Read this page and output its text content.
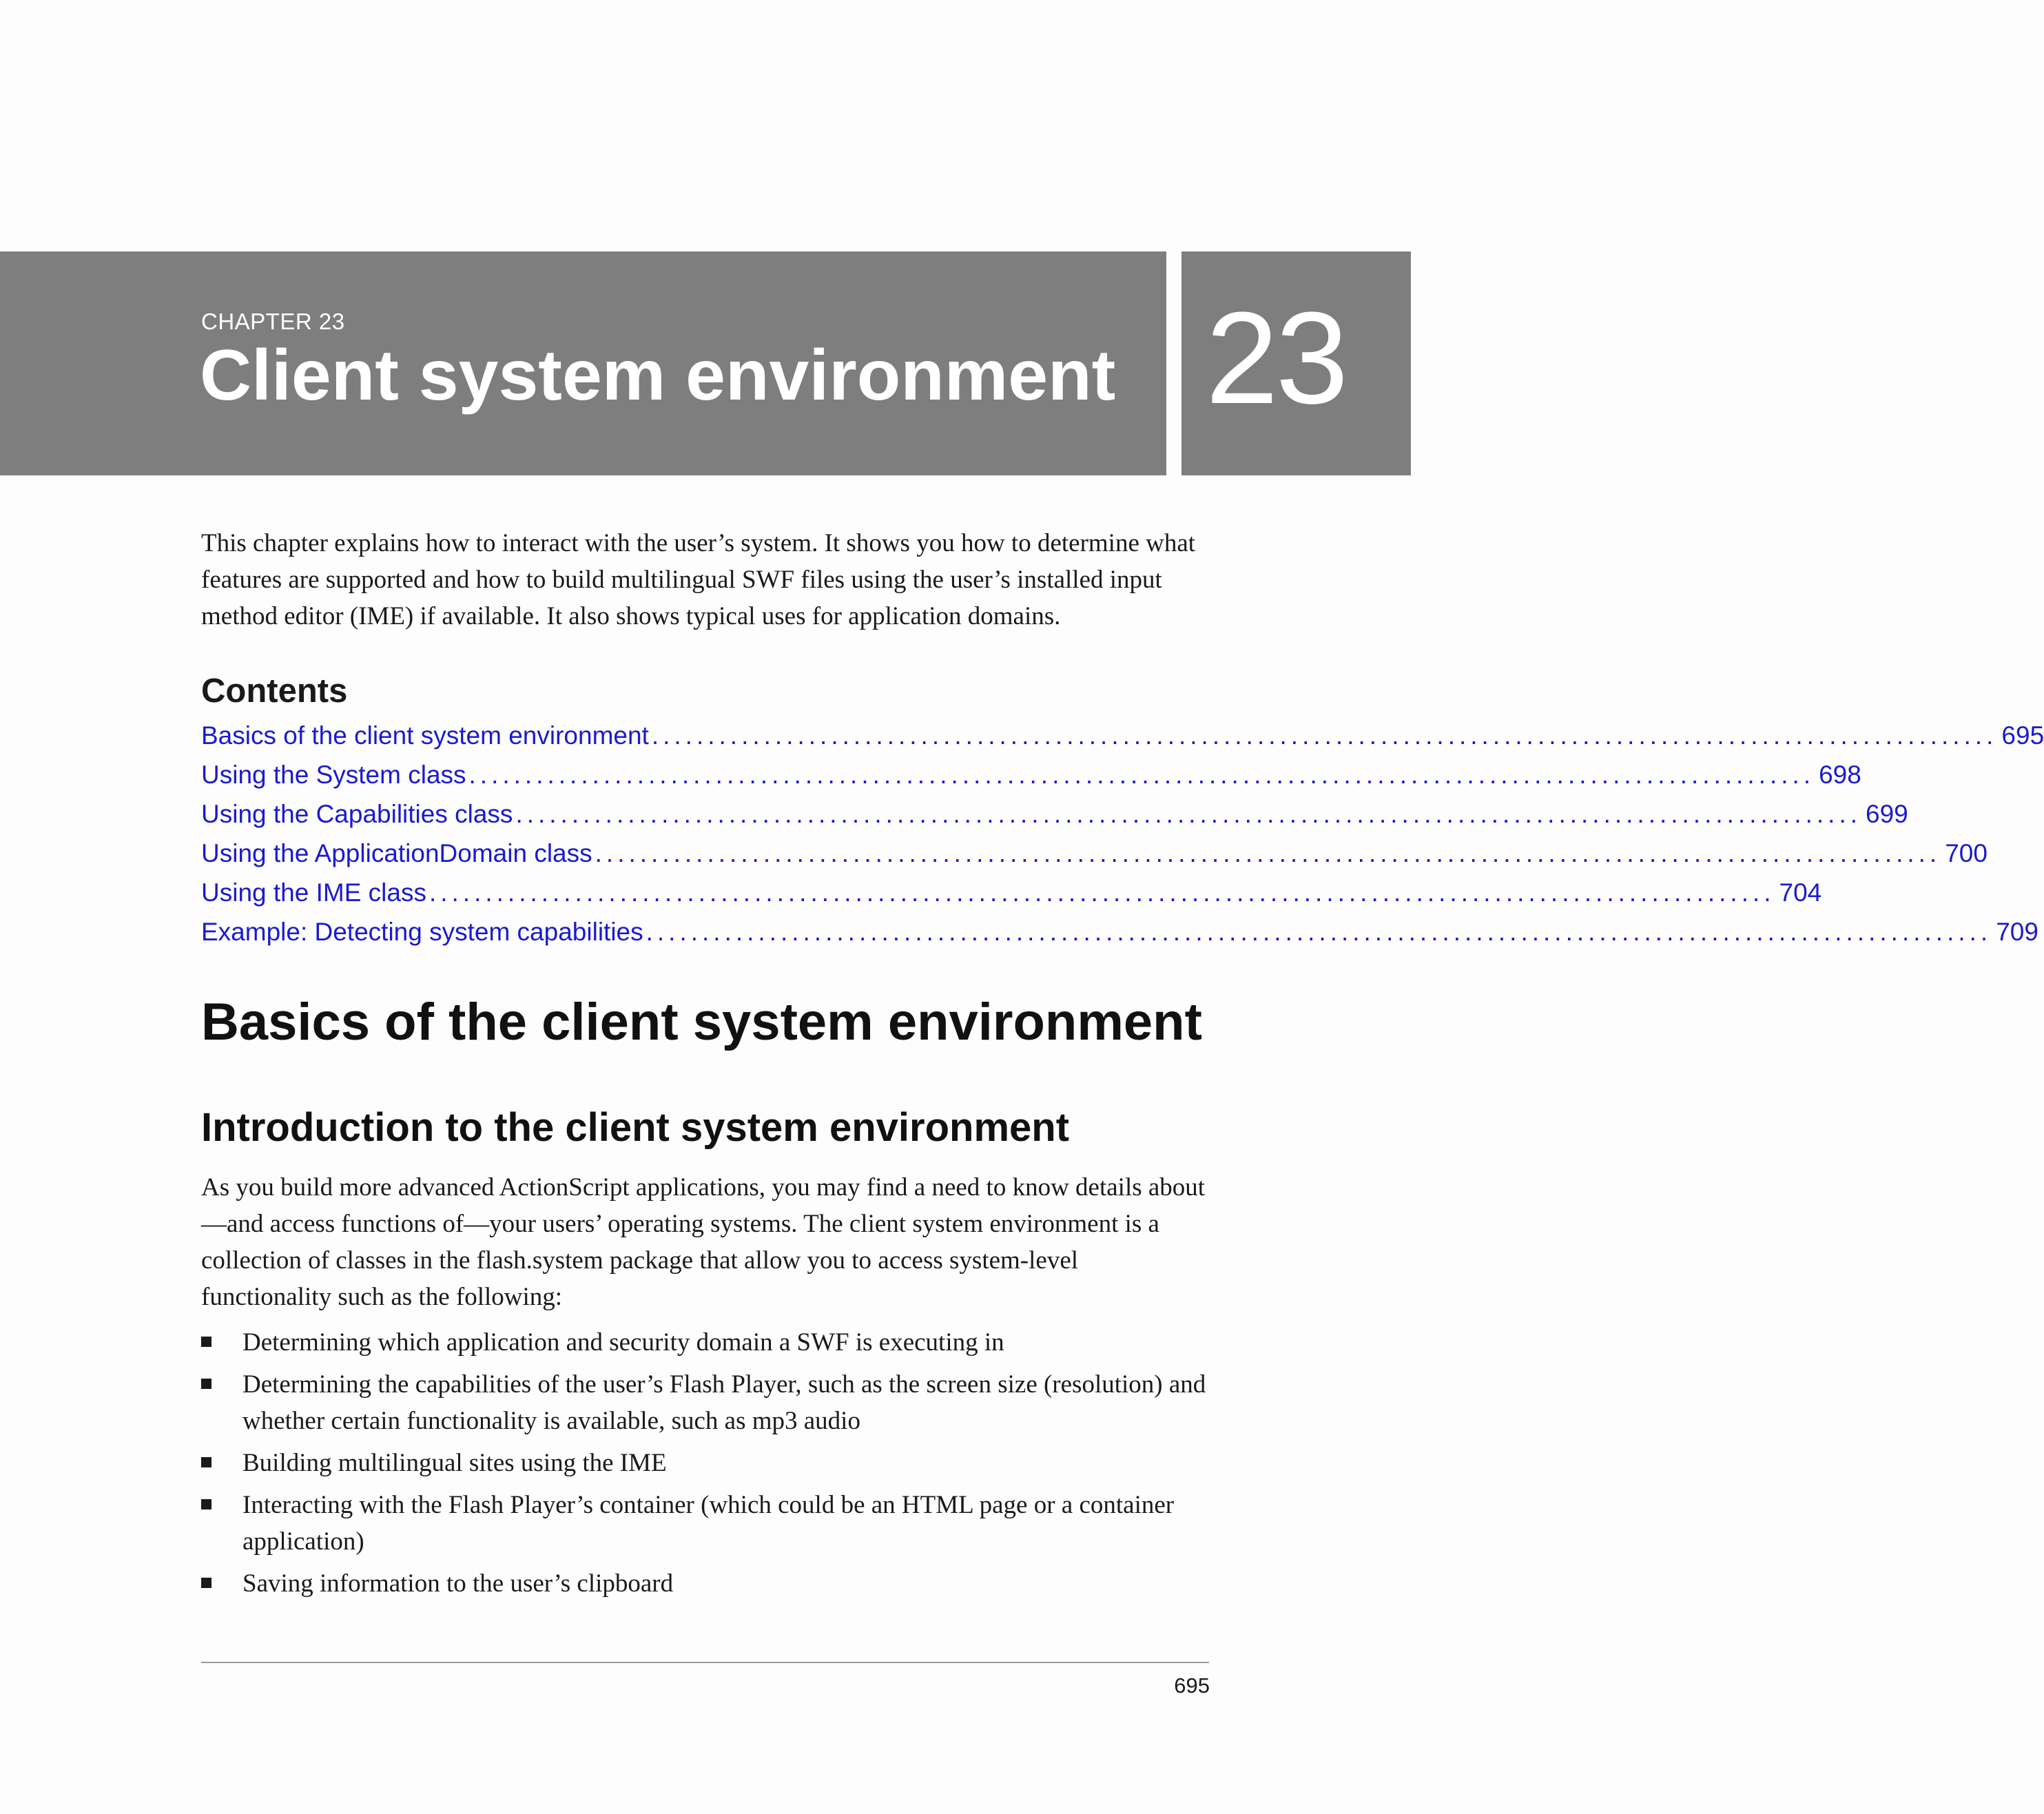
CHAPTER 23
Client system environment 23

This chapter explains how to interact with the user’s system. It shows you how to determine what features are supported and how to build multilingual SWF files using the user’s installed input method editor (IME) if available. It also shows typical uses for application domains.

Contents
Basics of the client system environment ........................................................................................................................ 695
Using the System class ........................................................................................................................ 698
Using the Capabilities class ........................................................................................................................ 699
Using the ApplicationDomain class ........................................................................................................................ 700
Using the IME class ........................................................................................................................ 704
Example: Detecting system capabilities ........................................................................................................................ 709
Basics of the client system environment
Introduction to the client system environment

As you build more advanced ActionScript applications, you may find a need to know details about—and access functions of—your users’ operating systems. The client system environment is a collection of classes in the flash.system package that allow you to access system-level functionality such as the following:

Determining which application and security domain a SWF is executing in
Determining the capabilities of the user’s Flash Player, such as the screen size (resolution) and whether certain functionality is available, such as mp3 audio
Building multilingual sites using the IME
Interacting with the Flash Player’s container (which could be an HTML page or a container application)
Saving information to the user’s clipboard
695
